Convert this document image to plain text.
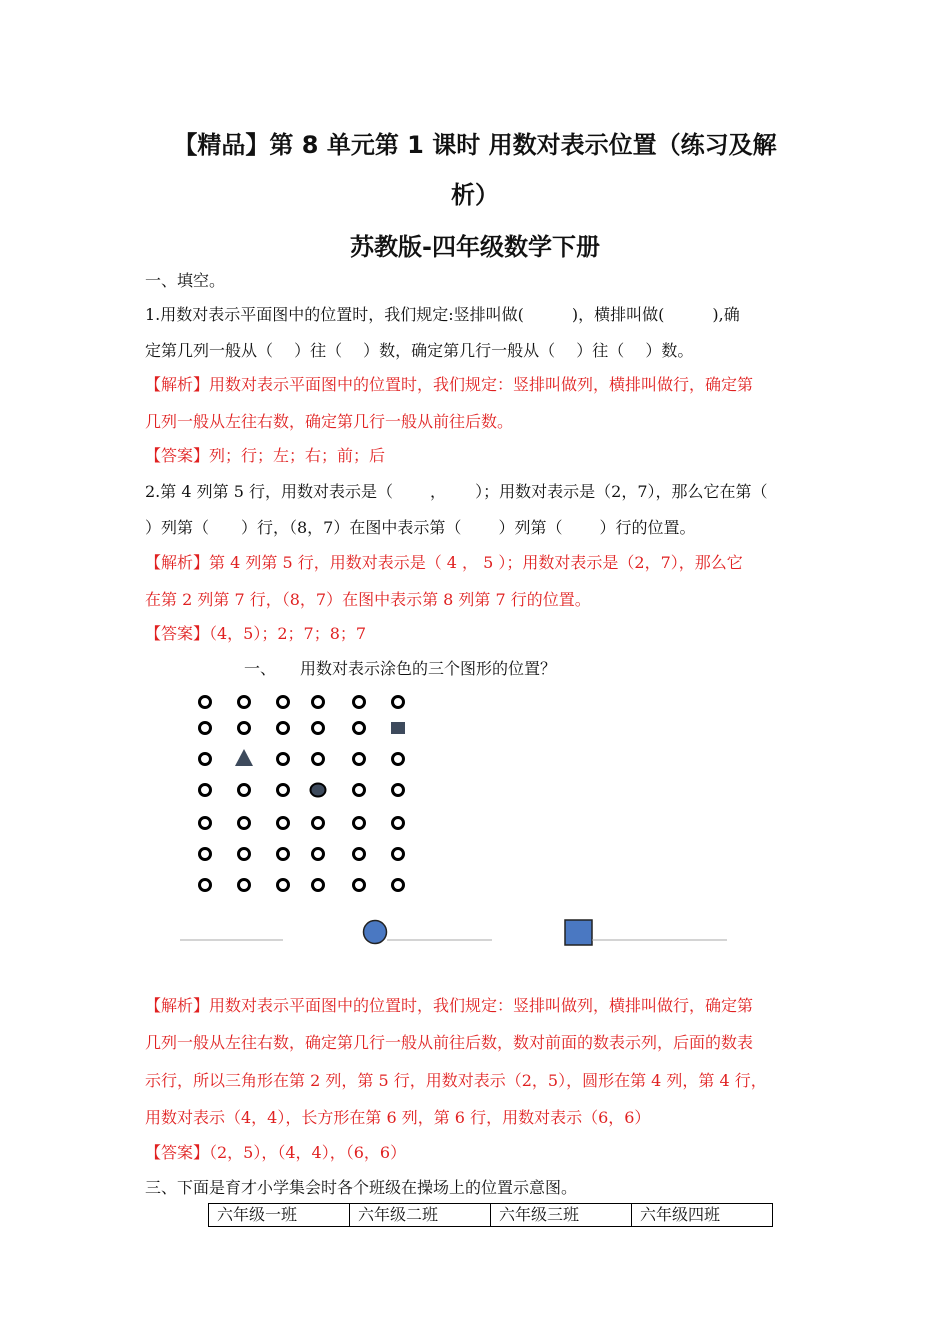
【精品】第 8 单元第 1 课时 用数对表示位置（练习及解
析）
苏教版-四年级数学下册
一、填空。
1.用数对表示平面图中的位置时，我们规定:竖排叫做(　　　)，横排叫做(　　　),确
定第几列一般从（　 ）往（　 ）数，确定第几行一般从（　 ）往（　 ）数。
【解析】用数对表示平面图中的位置时，我们规定：竖排叫做列，横排叫做行，确定第
几列一般从左往右数，确定第几行一般从前往后数。
【答案】列；行；左；右；前；后
2.第 4 列第 5 行，用数对表示是（　　 ，　　 ）；用数对表示是（2，7），那么它在第（
）列第（　　）行，（8，7）在图中表示第（　　 ）列第（　　 ）行的位置。
【解析】第 4 列第 5 行，用数对表示是（ 4 ， 5 ）；用数对表示是（2，7），那么它
在第 2 列第 7 行，（8，7）在图中表示第 8 列第 7 行的位置。
【答案】（4，5）；2；7；8；7
一、　　用数对表示涂色的三个图形的位置？
【解析】用数对表示平面图中的位置时，我们规定：竖排叫做列，横排叫做行，确定第
几列一般从左往右数，确定第几行一般从前往后数，数对前面的数表示列，后面的数表
示行，所以三角形在第 2 列，第 5 行，用数对表示（2，5），圆形在第 4 列，第 4 行，
用数对表示（4，4），长方形在第 6 列，第 6 行，用数对表示（6，6）
【答案】（2，5），（4，4），（6，6）
三、下面是育才小学集会时各个班级在操场上的位置示意图。
六年级一班	六年级二班	六年级三班	六年级四班
